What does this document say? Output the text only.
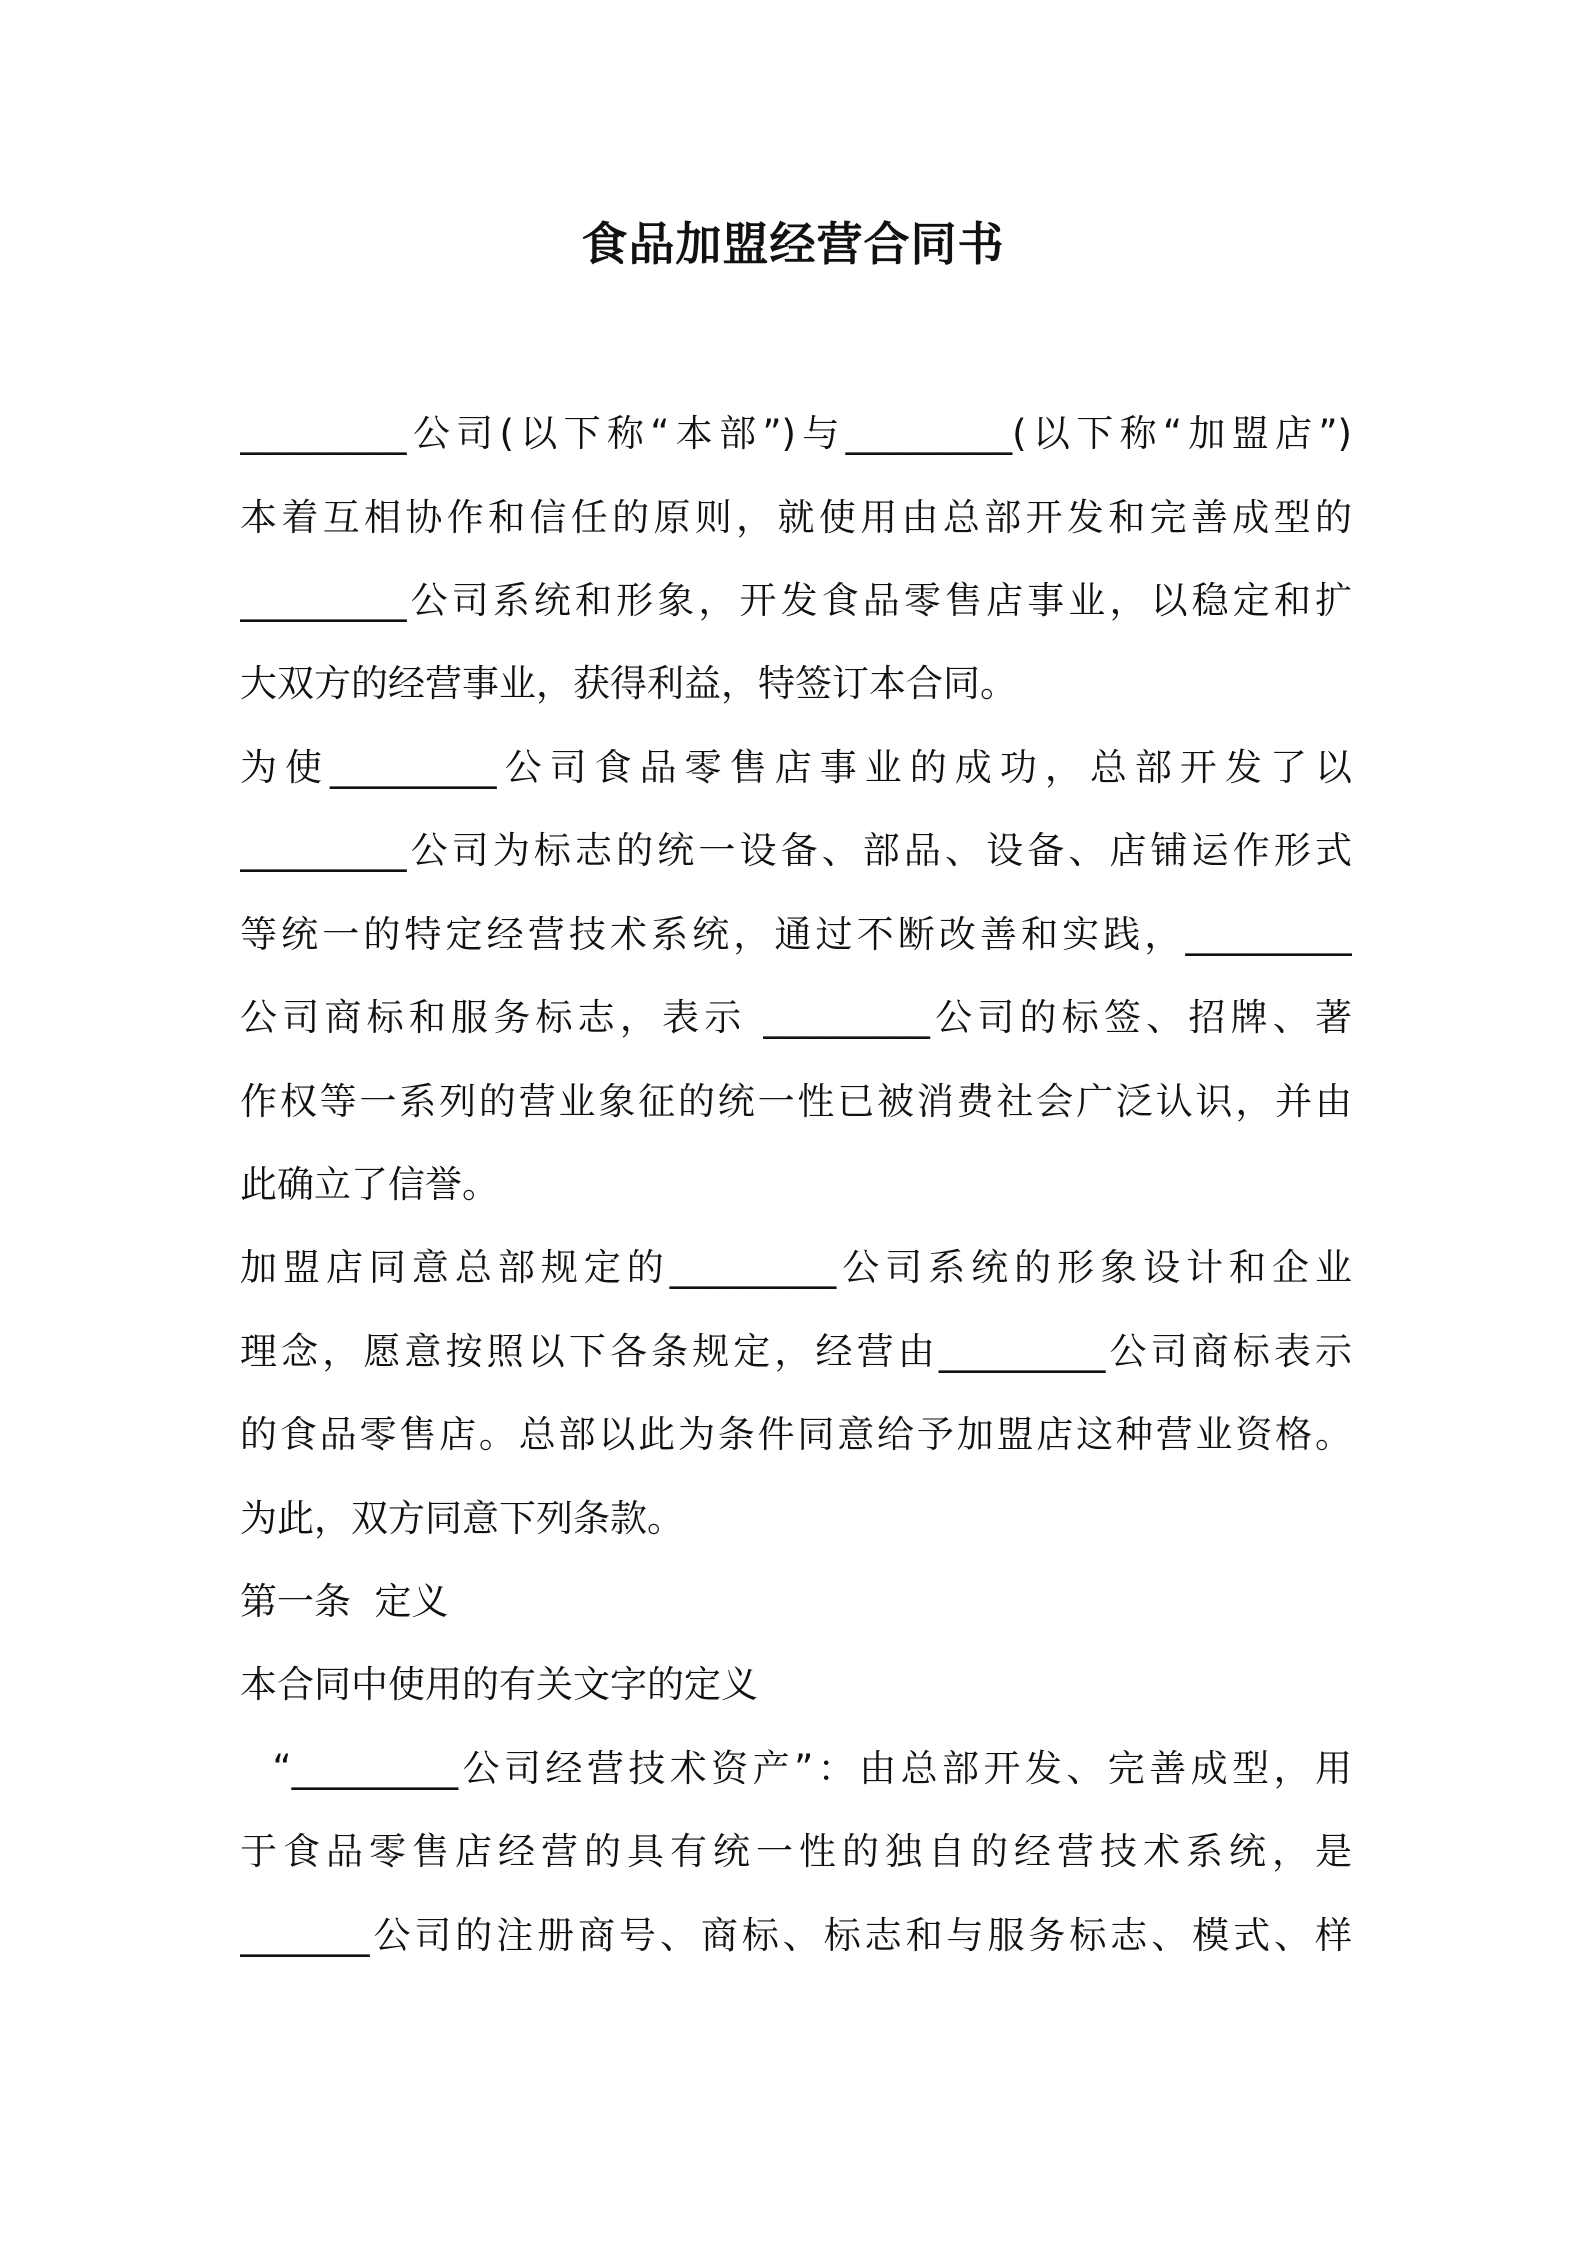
食品加盟经营合同书
_________公司(以下称“本部”)与_________(以下称“加盟店”)
本着互相协作和信任的原则，就使用由总部开发和完善成型的
_________公司系统和形象，开发食品零售店事业，以稳定和扩
大双方的经营事业，获得利益，特签订本合同。
为使_________公司食品零售店事业的成功，总部开发了以
_________公司为标志的统一设备、部品、设备、店铺运作形式
等统一的特定经营技术系统，通过不断改善和实践，_________
公司商标和服务标志，表示 _________公司的标签、招牌、著
作权等一系列的营业象征的统一性已被消费社会广泛认识，并由
此确立了信誉。
加盟店同意总部规定的_________公司系统的形象设计和企业
理念，愿意按照以下各条规定，经营由_________公司商标表示
的食品零售店。总部以此为条件同意给予加盟店这种营业资格。
为此，双方同意下列条款。
第一条  定义
本合同中使用的有关文字的定义
“_________公司经营技术资产”：由总部开发、完善成型，用
于食品零售店经营的具有统一性的独自的经营技术系统，是
_______公司的注册商号、商标、标志和与服务标志、模式、样
